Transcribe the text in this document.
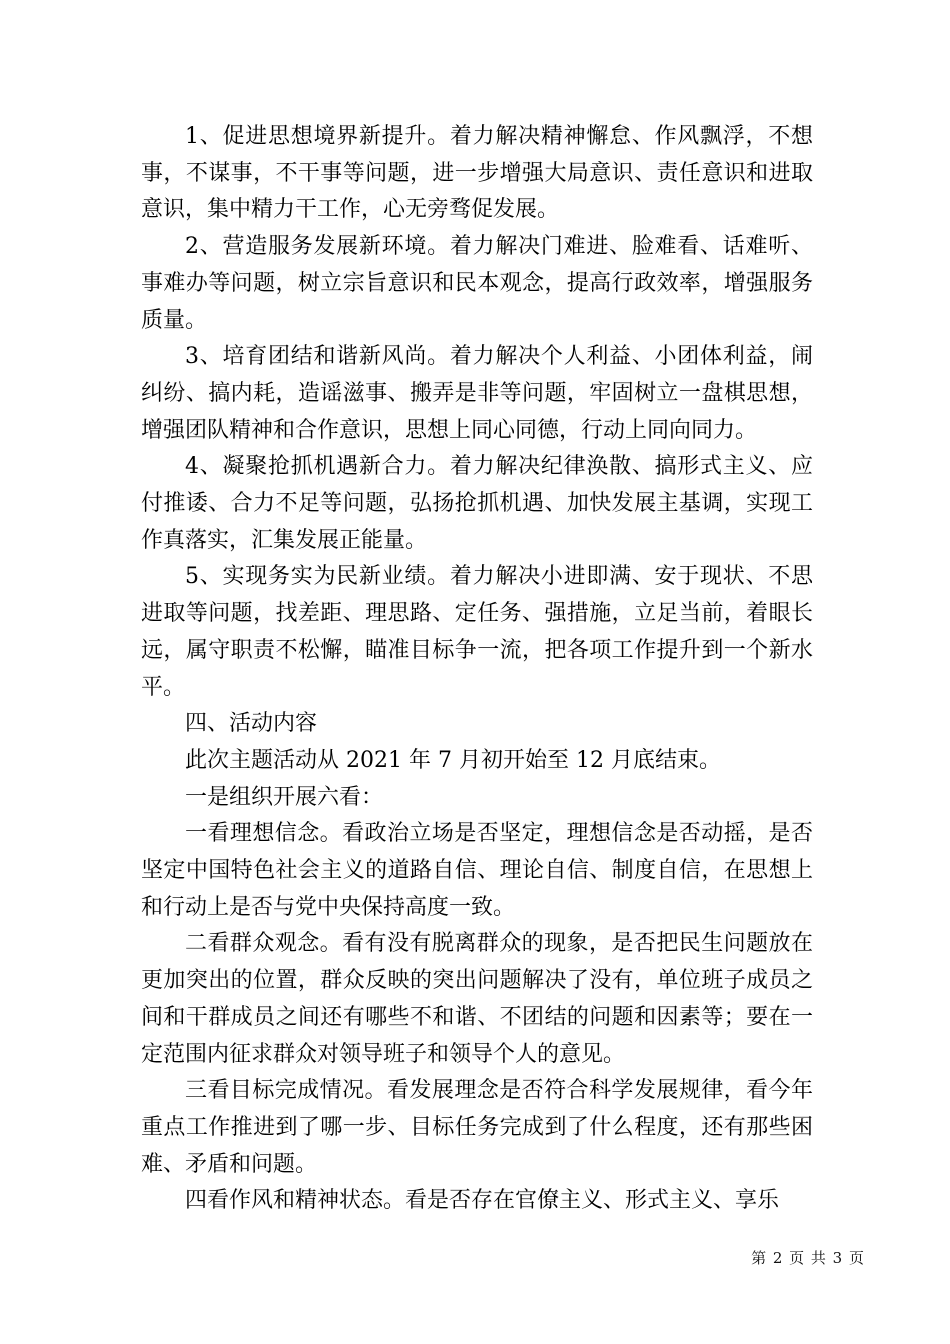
1、促进思想境界新提升。着力解决精神懈怠、作风飘浮，不想事，不谋事，不干事等问题，进一步增强大局意识、责任意识和进取意识，集中精力干工作，心无旁骛促发展。

2、营造服务发展新环境。着力解决门难进、脸难看、话难听、事难办等问题，树立宗旨意识和民本观念，提高行政效率，增强服务质量。

3、培育团结和谐新风尚。着力解决个人利益、小团体利益，闹纠纷、搞内耗，造谣滋事、搬弄是非等问题，牢固树立一盘棋思想，增强团队精神和合作意识，思想上同心同德，行动上同向同力。

4、凝聚抢抓机遇新合力。着力解决纪律涣散、搞形式主义、应付推诿、合力不足等问题，弘扬抢抓机遇、加快发展主基调，实现工作真落实，汇集发展正能量。

5、实现务实为民新业绩。着力解决小进即满、安于现状、不思进取等问题，找差距、理思路、定任务、强措施，立足当前，着眼长远，属守职责不松懈，瞄准目标争一流，把各项工作提升到一个新水平。

四、活动内容

此次主题活动从 2021 年 7 月初开始至 12 月底结束。

一是组织开展六看：

一看理想信念。看政治立场是否坚定，理想信念是否动摇，是否坚定中国特色社会主义的道路自信、理论自信、制度自信，在思想上和行动上是否与党中央保持高度一致。

二看群众观念。看有没有脱离群众的现象，是否把民生问题放在更加突出的位置，群众反映的突出问题解决了没有，单位班子成员之间和干群成员之间还有哪些不和谐、不团结的问题和因素等；要在一定范围内征求群众对领导班子和领导个人的意见。

三看目标完成情况。看发展理念是否符合科学发展规律，看今年重点工作推进到了哪一步、目标任务完成到了什么程度，还有那些困难、矛盾和问题。

四看作风和精神状态。看是否存在官僚主义、形式主义、享乐

第 2 页 共 3 页
